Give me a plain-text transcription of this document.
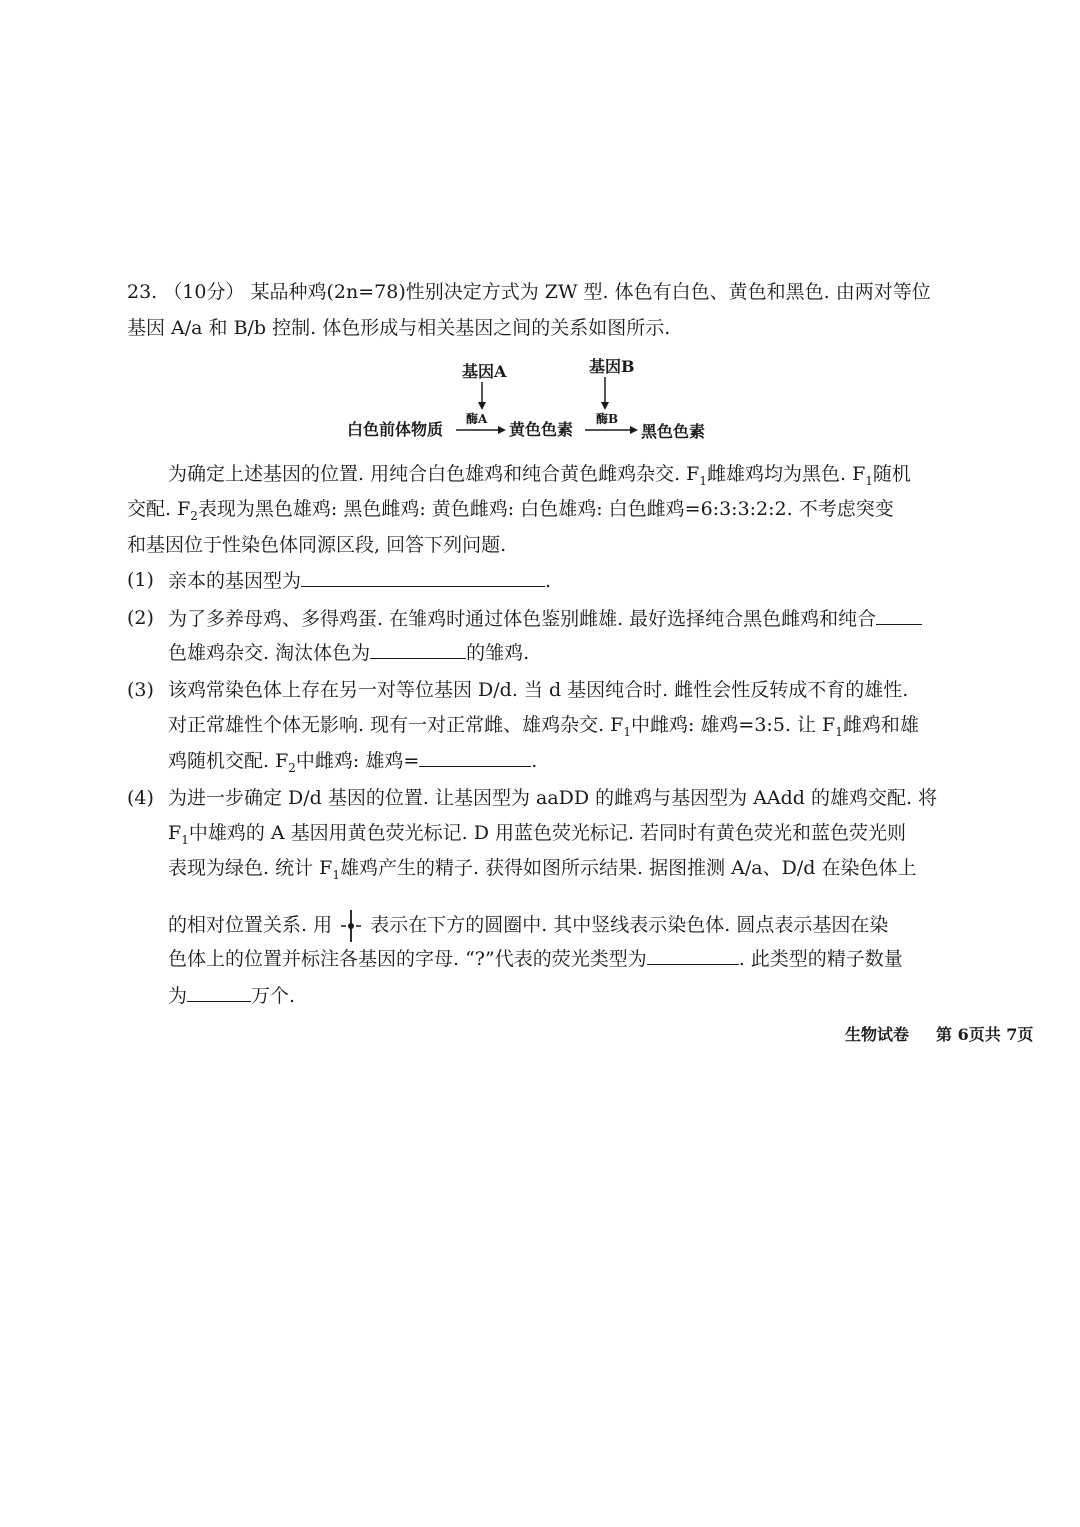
23. （10分） 某品种鸡(2n=78)性别决定方式为 ZW 型. 体色有白色、黄色和黑色. 由两对等位
基因 A/a 和 B/b 控制. 体色形成与相关基因之间的关系如图所示.
基因A	基因B
酶A	酶B
白色前体物质	黄色色素	黑色色素
为确定上述基因的位置. 用纯合白色雄鸡和纯合黄色雌鸡杂交. $F_1$雌雄鸡均为黑色. $F_1$随机
交配. $F_2$表现为黑色雄鸡: 黑色雌鸡: 黄色雌鸡: 白色雄鸡: 白色雌鸡=6:3:3:2:2. 不考虑突变
和基因位于性染色体同源区段, 回答下列问题.
(1) 亲本的基因型为	.
(2) 为了多养母鸡、多得鸡蛋. 在雏鸡时通过体色鉴别雌雄. 最好选择纯合黑色雌鸡和纯合
色雄鸡杂交. 淘汰体色为	的雏鸡.
(3) 该鸡常染色体上存在另一对等位基因 D/d. 当 d 基因纯合时. 雌性会性反转成不育的雄性.
对正常雄性个体无影响. 现有一对正常雌、雄鸡杂交. $F_1$中雌鸡: 雄鸡=3:5. 让 $F_1$雌鸡和雄
鸡随机交配. $F_2$中雌鸡: 雄鸡=	.
(4) 为进一步确定 D/d 基因的位置. 让基因型为 aaDD 的雌鸡与基因型为 AAdd 的雄鸡交配. 将
$F_1$中雄鸡的 A 基因用黄色荧光标记. D 用蓝色荧光标记. 若同时有黄色荧光和蓝色荧光则
表现为绿色. 统计 $F_1$雄鸡产生的精子. 获得如图所示结果. 据图推测 A/a、D/d 在染色体上
的相对位置关系. 用 表示在下方的圆圈中. 其中竖线表示染色体. 圆点表示基因在染
色体上的位置并标注各基因的字母. “?”代表的荧光类型为	. 此类型的精子数量
为	万个.
生物试卷 第 6页共 7页
